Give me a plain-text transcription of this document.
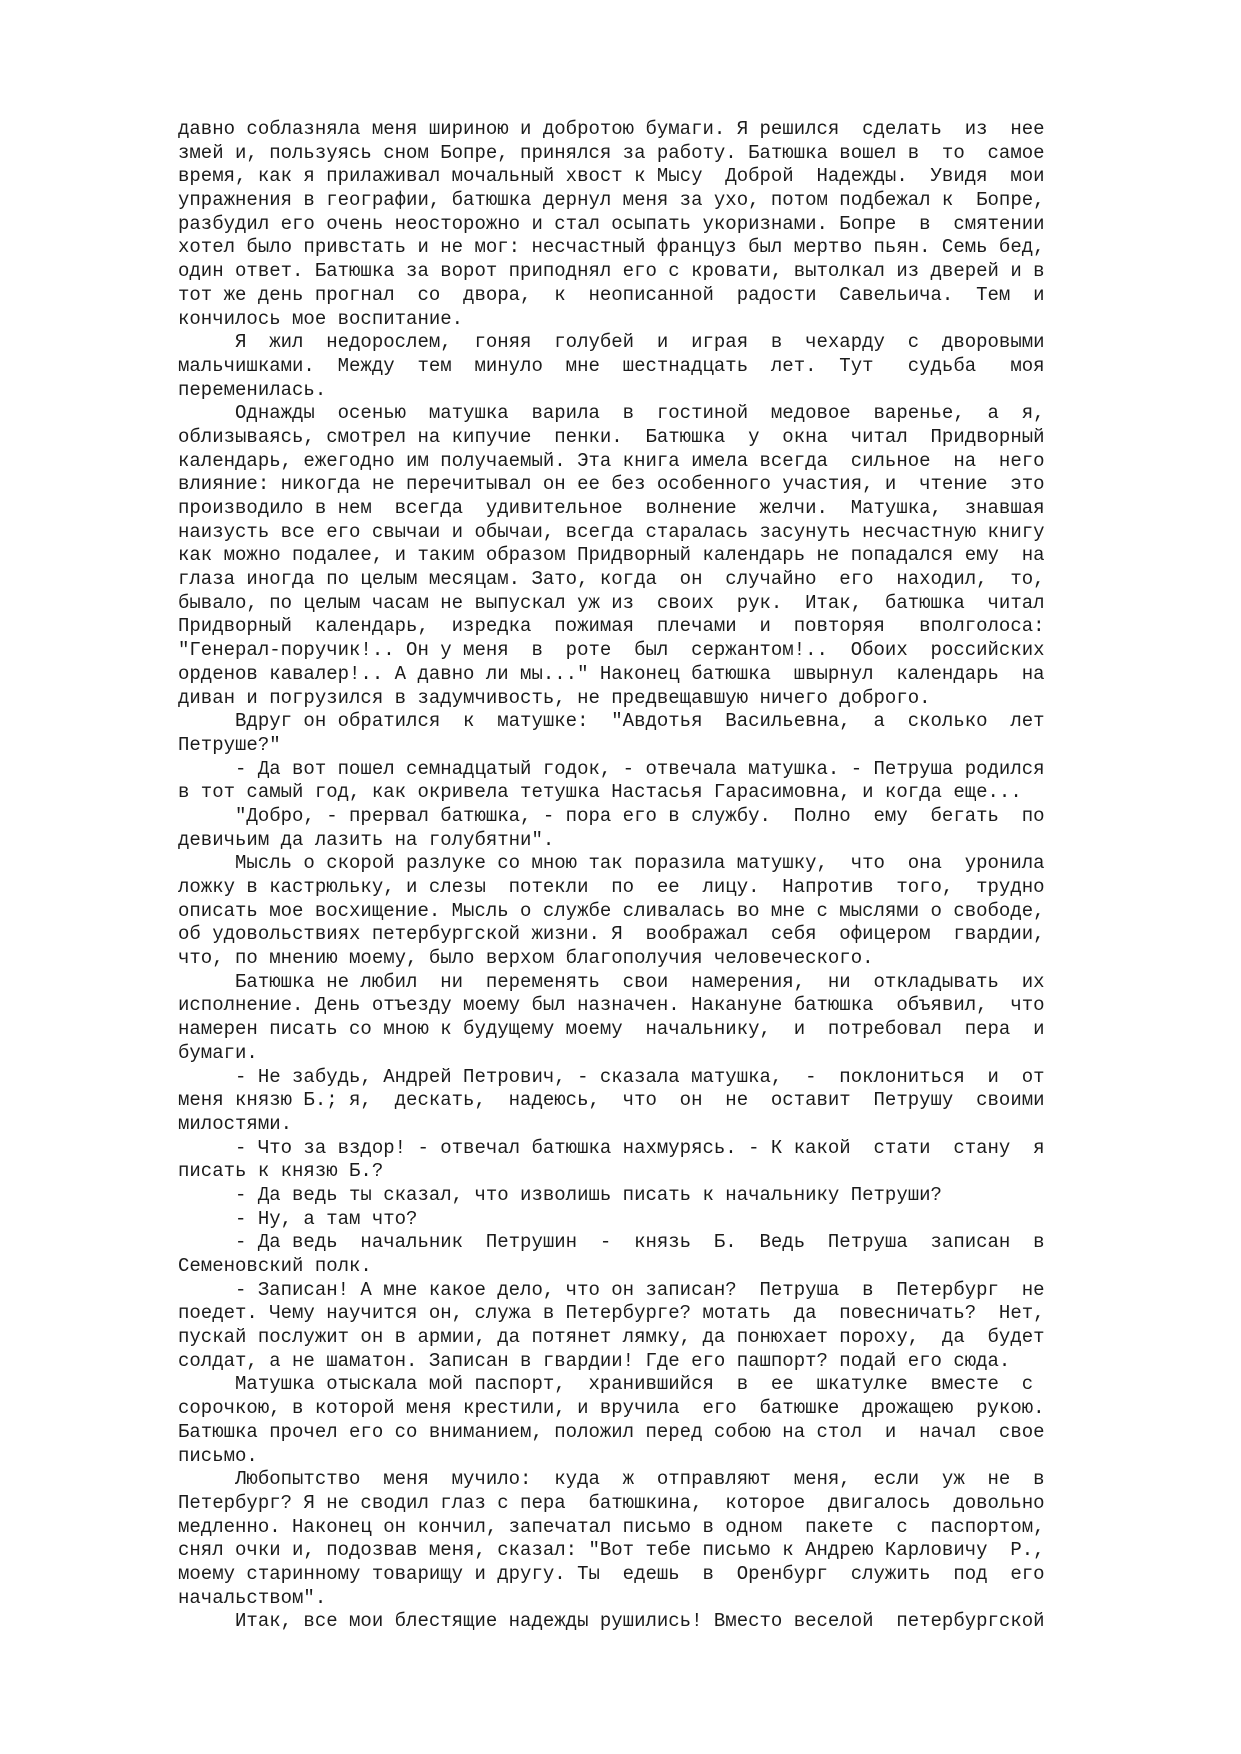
давно соблазняла меня шириною и добротою бумаги. Я решился  сделать  из  нее
змей и, пользуясь сном Бопре, принялся за работу. Батюшка вошел в  то  самое
время, как я прилаживал мочальный хвост к Мысу  Доброй  Надежды.  Увидя  мои
упражнения в географии, батюшка дернул меня за ухо, потом подбежал к  Бопре,
разбудил его очень неосторожно и стал осыпать укоризнами. Бопре  в  смятении
хотел было привстать и не мог: несчастный француз был мертво пьян. Семь бед,
один ответ. Батюшка за ворот приподнял его с кровати, вытолкал из дверей и в
тот же день прогнал  со  двора,  к  неописанной  радости  Савельича.  Тем  и
кончилось мое воспитание.
Я  жил  недорослем,  гоняя  голубей  и  играя  в  чехарду  с  дворовыми
мальчишками.  Между  тем  минуло  мне  шестнадцать  лет.  Тут   судьба   моя
переменилась.
Однажды  осенью  матушка  варила  в  гостиной  медовое  варенье,  а  я,
облизываясь, смотрел на кипучие  пенки.  Батюшка  у  окна  читал  Придворный
календарь, ежегодно им получаемый. Эта книга имела всегда  сильное  на  него
влияние: никогда не перечитывал он ее без особенного участия, и  чтение  это
производило в нем  всегда  удивительное  волнение  желчи.  Матушка,  знавшая
наизусть все его свычаи и обычаи, всегда старалась засунуть несчастную книгу
как можно подалее, и таким образом Придворный календарь не попадался ему  на
глаза иногда по целым месяцам. Зато, когда  он  случайно  его  находил,  то,
бывало, по целым часам не выпускал уж из  своих  рук.  Итак,  батюшка  читал
Придворный  календарь,  изредка  пожимая  плечами  и  повторяя   вполголоса:
"Генерал-поручик!.. Он у меня  в  роте  был  сержантом!..  Обоих  российских
орденов кавалер!.. А давно ли мы..." Наконец батюшка  швырнул  календарь  на
диван и погрузился в задумчивость, не предвещавшую ничего доброго.
Вдруг он обратился  к  матушке:  "Авдотья  Васильевна,  а  сколько  лет
Петруше?"
- Да вот пошел семнадцатый годок, - отвечала матушка. - Петруша родился
в тот самый год, как окривела тетушка Настасья Гарасимовна, и когда еще...
"Добро, - прервал батюшка, - пора его в службу.  Полно  ему  бегать  по
девичьим да лазить на голубятни".
Мысль о скорой разлуке со мною так поразила матушку,  что  она  уронила
ложку в кастрюльку, и слезы  потекли  по  ее  лицу.  Напротив  того,  трудно
описать мое восхищение. Мысль о службе сливалась во мне с мыслями о свободе,
об удовольствиях петербургской жизни. Я  воображал  себя  офицером  гвардии,
что, по мнению моему, было верхом благополучия человеческого.
Батюшка не любил  ни  переменять  свои  намерения,  ни  откладывать  их
исполнение. День отъезду моему был назначен. Накануне батюшка  объявил,  что
намерен писать со мною к будущему моему  начальнику,  и  потребовал  пера  и
бумаги.
- Не забудь, Андрей Петрович, - сказала матушка,  -  поклониться  и  от
меня князю Б.; я,  дескать,  надеюсь,  что  он  не  оставит  Петрушу  своими
милостями.
- Что за вздор! - отвечал батюшка нахмурясь. - К какой  стати  стану  я
писать к князю Б.?
- Да ведь ты сказал, что изволишь писать к начальнику Петруши?
- Ну, а там что?
- Да ведь  начальник  Петрушин  -  князь  Б.  Ведь  Петруша  записан  в
Семеновский полк.
- Записан! А мне какое дело, что он записан?  Петруша  в  Петербург  не
поедет. Чему научится он, служа в Петербурге? мотать  да  повесничать?  Нет,
пускай послужит он в армии, да потянет лямку, да понюхает пороху,  да  будет
солдат, а не шаматон. Записан в гвардии! Где его пашпорт? подай его сюда.
Матушка отыскала мой паспорт,  хранившийся  в  ее  шкатулке  вместе  с
сорочкою, в которой меня крестили, и вручила  его  батюшке  дрожащею  рукою.
Батюшка прочел его со вниманием, положил перед собою на стол  и  начал  свое
письмо.
Любопытство  меня  мучило:  куда  ж  отправляют  меня,  если  уж  не  в
Петербург? Я не сводил глаз с пера  батюшкина,  которое  двигалось  довольно
медленно. Наконец он кончил, запечатал письмо в одном  пакете  с  паспортом,
снял очки и, подозвав меня, сказал: "Вот тебе письмо к Андрею Карловичу  Р.,
моему старинному товарищу и другу. Ты  едешь  в  Оренбург  служить  под  его
начальством".
Итак, все мои блестящие надежды рушились! Вместо веселой  петербургской
